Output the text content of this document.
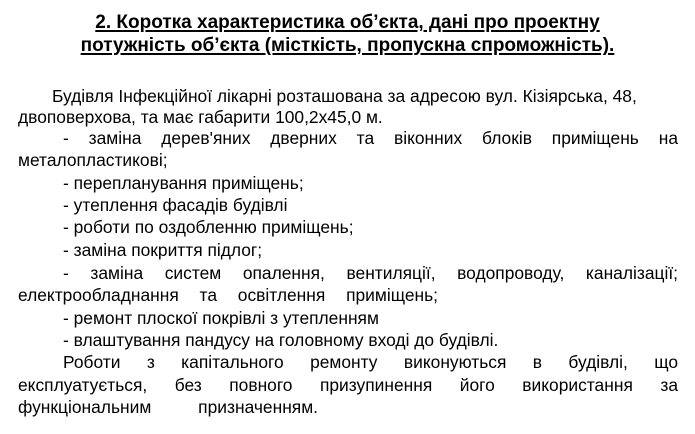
2. Коротка характеристика об’єкта, дані про проектну
потужність об’єкта (місткість, пропускна спроможність).
Будівля Інфекційної лікарні розташована за адресою вул. Кізіярська, 48,
двоповерхова, та має габарити 100,2х45,0 м.
- заміна дерев'яних дверних та віконних блоків приміщень на
металопластикові;
- перепланування приміщень;
- утеплення фасадів будівлі
- роботи по оздобленню приміщень;
- заміна покриття підлог;
- заміна систем опалення, вентиляції, водопроводу, каналізації;
електрообладнання та освітлення приміщень;
- ремонт плоскої покрівлі з утепленням
- влаштування пандусу на головному вході до будівлі.
Роботи з капітального ремонту виконуються в будівлі, що
експлуатується, без повного призупинення його використання за
функціональним призначенням.
